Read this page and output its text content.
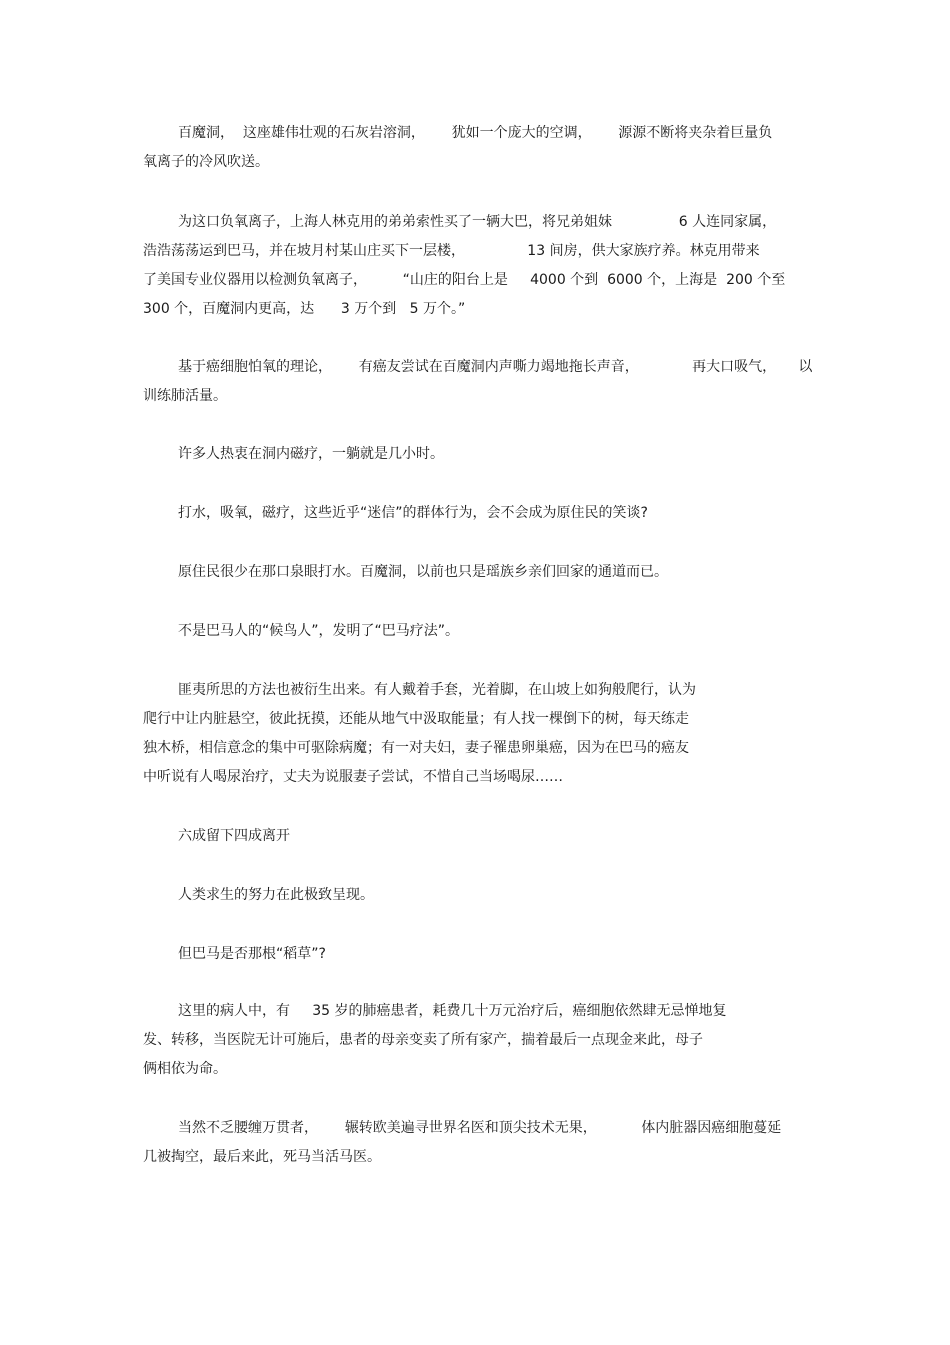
百魔洞，  这座雄伟壮观的石灰岩溶洞，      犹如一个庞大的空调，      源源不断将夹杂着巨量负

氧离子的冷风吹送。

为这口负氧离子，上海人林克用的弟弟索性买了一辆大巴，将兄弟姐妹               6 人连同家属，

浩浩荡荡运到巴马，并在坡月村某山庄买下一层楼，              13 间房，供大家族疗养。林克用带来

了美国专业仪器用以检测负氧离子，        “山庄的阳台上是     4000 个到  6000 个，上海是  200 个至

300 个，百魔洞内更高，达      3 万个到   5 万个。”

基于癌细胞怕氧的理论，      有癌友尝试在百魔洞内声嘶力竭地拖长声音，            再大口吸气，     以

训练肺活量。

许多人热衷在洞内磁疗，一躺就是几小时。

打水，吸氧，磁疗，这些近乎“迷信”的群体行为，会不会成为原住民的笑谈?

原住民很少在那口泉眼打水。百魔洞，以前也只是瑶族乡亲们回家的通道而已。

不是巴马人的“候鸟人”，发明了“巴马疗法”。

匪夷所思的方法也被衍生出来。有人戴着手套，光着脚，在山坡上如狗般爬行，认为

爬行中让内脏悬空，彼此抚摸，还能从地气中汲取能量；有人找一棵倒下的树，每天练走

独木桥，相信意念的集中可驱除病魔；有一对夫妇，妻子罹患卵巢癌，因为在巴马的癌友

中听说有人喝尿治疗，丈夫为说服妻子尝试，不惜自己当场喝尿……

六成留下四成离开

人类求生的努力在此极致呈现。

但巴马是否那根“稻草”?

这里的病人中，有     35 岁的肺癌患者，耗费几十万元治疗后，癌细胞依然肆无忌惮地复

发、转移，当医院无计可施后，患者的母亲变卖了所有家产，揣着最后一点现金来此，母子

俩相依为命。

当然不乏腰缠万贯者，      辗转欧美遍寻世界名医和顶尖技术无果，          体内脏器因癌细胞蔓延

几被掏空，最后来此，死马当活马医。
